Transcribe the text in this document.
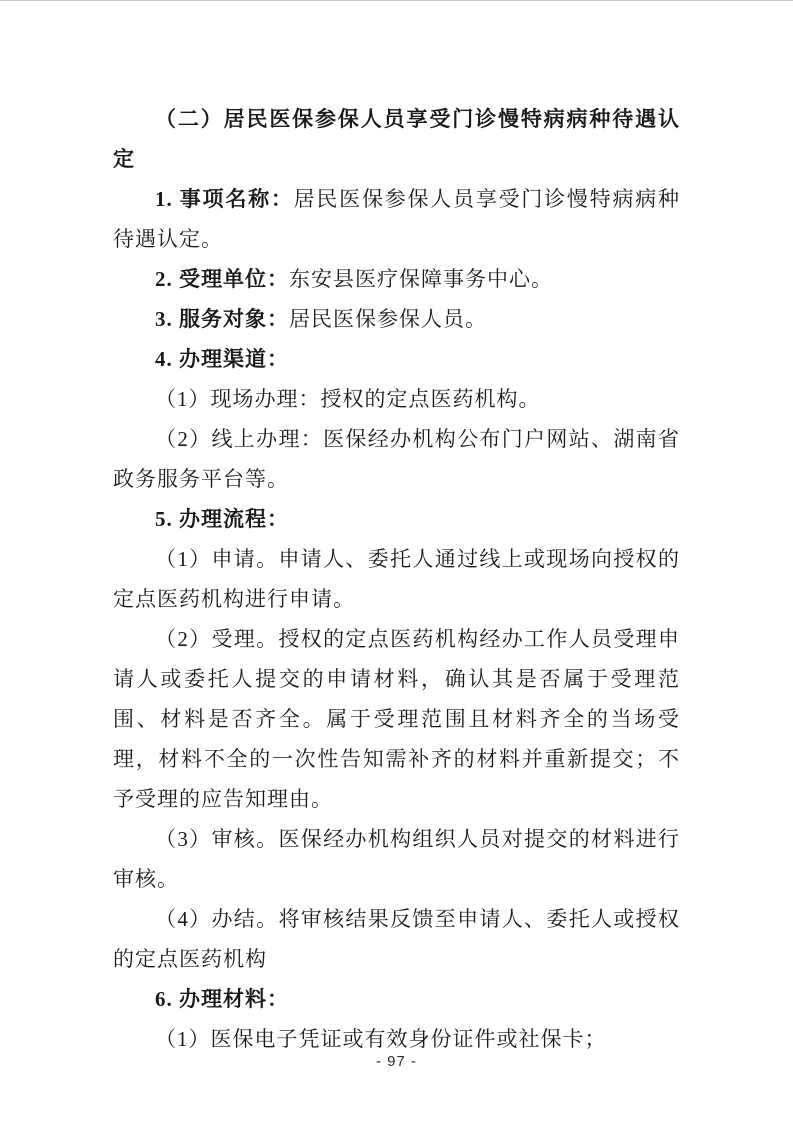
（二）居民医保参保人员享受门诊慢特病病种待遇认定

1. 事项名称：居民医保参保人员享受门诊慢特病病种待遇认定。

2. 受理单位：东安县医疗保障事务中心。

3. 服务对象：居民医保参保人员。

4. 办理渠道：

（1）现场办理：授权的定点医药机构。

（2）线上办理：医保经办机构公布门户网站、湖南省政务服务平台等。

5. 办理流程：

（1）申请。申请人、委托人通过线上或现场向授权的定点医药机构进行申请。

（2）受理。授权的定点医药机构经办工作人员受理申请人或委托人提交的申请材料，确认其是否属于受理范围、材料是否齐全。属于受理范围且材料齐全的当场受理，材料不全的一次性告知需补齐的材料并重新提交；不予受理的应告知理由。

（3）审核。医保经办机构组织人员对提交的材料进行审核。

（4）办结。将审核结果反馈至申请人、委托人或授权的定点医药机构

6. 办理材料：

（1）医保电子凭证或有效身份证件或社保卡；

- 97 -
